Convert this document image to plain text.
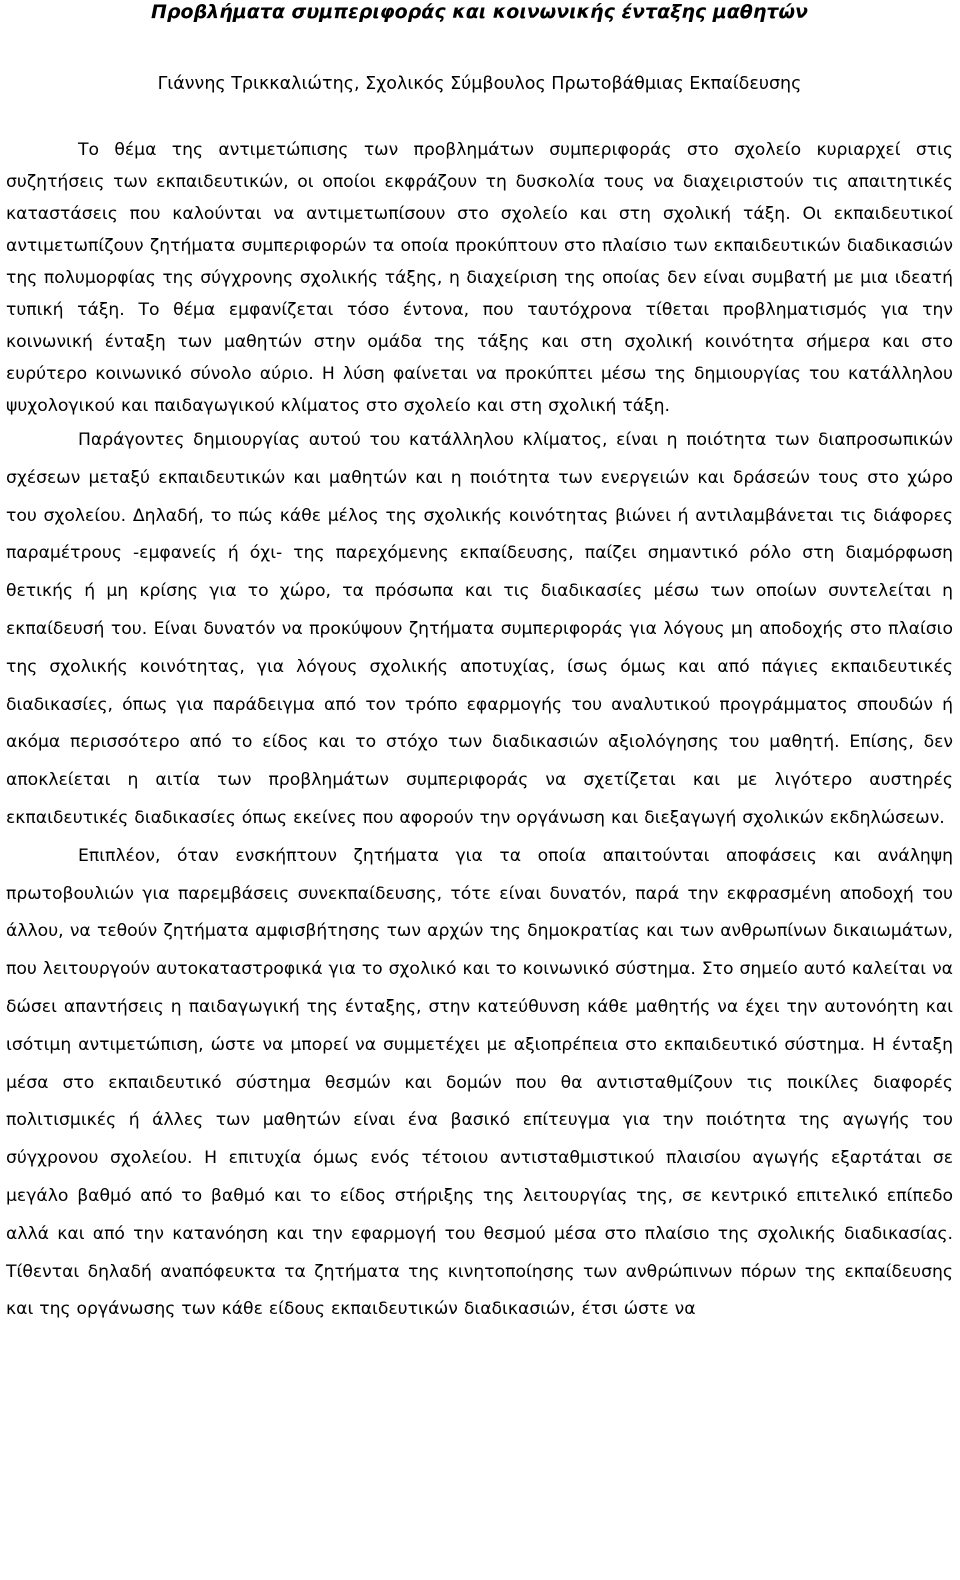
Προβλήματα συμπεριφοράς και κοινωνικής ένταξης μαθητών

Γιάννης Τρικκαλιώτης, Σχολικός Σύμβουλος Πρωτοβάθμιας Εκπαίδευσης

Το θέμα της αντιμετώπισης των προβλημάτων συμπεριφοράς στο σχολείο κυριαρχεί στις συζητήσεις των εκπαιδευτικών, οι οποίοι εκφράζουν τη δυσκολία τους να διαχειριστούν τις απαιτητικές καταστάσεις που καλούνται να αντιμετωπίσουν στο σχολείο και στη σχολική τάξη. Οι εκπαιδευτικοί αντιμετωπίζουν ζητήματα συμπεριφορών τα οποία προκύπτουν στο πλαίσιο των εκπαιδευτικών διαδικασιών της πολυμορφίας της σύγχρονης σχολικής τάξης, η διαχείριση της οποίας δεν είναι συμβατή με μια ιδεατή τυπική τάξη. Το θέμα εμφανίζεται τόσο έντονα, που ταυτόχρονα τίθεται προβληματισμός για την κοινωνική ένταξη των μαθητών στην ομάδα της τάξης και στη σχολική κοινότητα σήμερα και στο ευρύτερο κοινωνικό σύνολο αύριο. Η λύση φαίνεται να προκύπτει μέσω της δημιουργίας του κατάλληλου ψυχολογικού και παιδαγωγικού κλίματος στο σχολείο και στη σχολική τάξη.

Παράγοντες δημιουργίας αυτού του κατάλληλου κλίματος, είναι η ποιότητα των διαπροσωπικών σχέσεων μεταξύ εκπαιδευτικών και μαθητών και η ποιότητα των ενεργειών και δράσεών τους στο χώρο του σχολείου. Δηλαδή, το πώς κάθε μέλος της σχολικής κοινότητας βιώνει ή αντιλαμβάνεται τις διάφορες παραμέτρους -εμφανείς ή όχι- της παρεχόμενης εκπαίδευσης, παίζει σημαντικό ρόλο στη διαμόρφωση θετικής ή μη κρίσης για το χώρο, τα πρόσωπα και τις διαδικασίες μέσω των οποίων συντελείται η εκπαίδευσή του. Είναι δυνατόν να προκύψουν ζητήματα συμπεριφοράς για λόγους μη αποδοχής στο πλαίσιο της σχολικής κοινότητας, για λόγους σχολικής αποτυχίας, ίσως όμως και από πάγιες εκπαιδευτικές διαδικασίες, όπως για παράδειγμα από τον τρόπο εφαρμογής του αναλυτικού προγράμματος σπουδών ή ακόμα περισσότερο από το είδος και το στόχο των διαδικασιών αξιολόγησης του μαθητή. Επίσης, δεν αποκλείεται η αιτία των προβλημάτων συμπεριφοράς να σχετίζεται και με λιγότερο αυστηρές εκπαιδευτικές διαδικασίες όπως εκείνες που αφορούν την οργάνωση και διεξαγωγή σχολικών εκδηλώσεων.

Επιπλέον, όταν ενσκήπτουν ζητήματα για τα οποία απαιτούνται αποφάσεις και ανάληψη πρωτοβουλιών για παρεμβάσεις συνεκπαίδευσης, τότε είναι δυνατόν, παρά την εκφρασμένη αποδοχή του άλλου, να τεθούν ζητήματα αμφισβήτησης των αρχών της δημοκρατίας και των ανθρωπίνων δικαιωμάτων, που λειτουργούν αυτοκαταστροφικά για το σχολικό και το κοινωνικό σύστημα. Στο σημείο αυτό καλείται να δώσει απαντήσεις η παιδαγωγική της ένταξης, στην κατεύθυνση κάθε μαθητής να έχει την αυτονόητη και ισότιμη αντιμετώπιση, ώστε να μπορεί να συμμετέχει με αξιοπρέπεια στο εκπαιδευτικό σύστημα. Η ένταξη μέσα στο εκπαιδευτικό σύστημα θεσμών και δομών που θα αντισταθμίζουν τις ποικίλες διαφορές πολιτισμικές ή άλλες των μαθητών είναι ένα βασικό επίτευγμα για την ποιότητα της αγωγής του σύγχρονου σχολείου. Η επιτυχία όμως ενός τέτοιου αντισταθμιστικού πλαισίου αγωγής εξαρτάται σε μεγάλο βαθμό από το βαθμό και το είδος στήριξης της λειτουργίας της, σε κεντρικό επιτελικό επίπεδο αλλά και από την κατανόηση και την εφαρμογή του θεσμού μέσα στο πλαίσιο της σχολικής διαδικασίας. Τίθενται δηλαδή αναπόφευκτα τα ζητήματα της κινητοποίησης των ανθρώπινων πόρων της εκπαίδευσης και της οργάνωσης των κάθε είδους εκπαιδευτικών διαδικασιών, έτσι ώστε να
